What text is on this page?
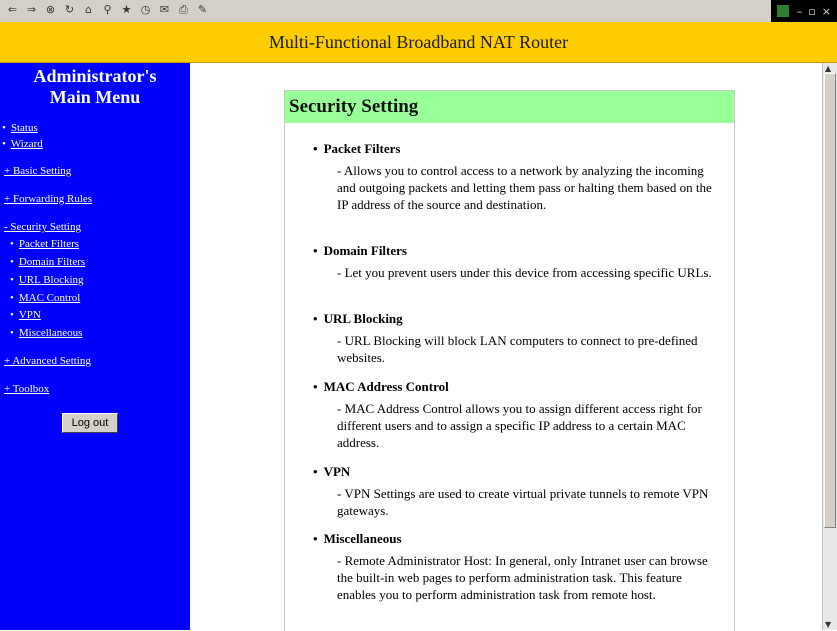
⇐ ⇒ ⊗ ↻ ⌂ ⚲ ★ ◷ ✉ ⎙ ✎	– ▫ ×
Multi-Functional Broadband NAT Router
Administrator's
Main Menu
• Status
• Wizard
+ Basic Setting
+ Forwarding Rules
- Security Setting
• Packet Filters
• Domain Filters
• URL Blocking
• MAC Control
• VPN
• Miscellaneous
+ Advanced Setting
+ Toolbox
Log out
Security Setting
• Packet Filters
- Allows you to control access to a network by analyzing the incoming and outgoing packets and letting them pass or halting them based on the IP address of the source and destination.
• Domain Filters
- Let you prevent users under this device from accessing specific URLs.
• URL Blocking
- URL Blocking will block LAN computers to connect to pre-defined websites.
• MAC Address Control
- MAC Address Control allows you to assign different access right for different users and to assign a specific IP address to a certain MAC address.
• VPN
- VPN Settings are used to create virtual private tunnels to remote VPN gateways.
• Miscellaneous
- Remote Administrator Host: In general, only Intranet user can browse the built-in web pages to perform administration task. This feature enables you to perform administration task from remote host.
▲
▼
